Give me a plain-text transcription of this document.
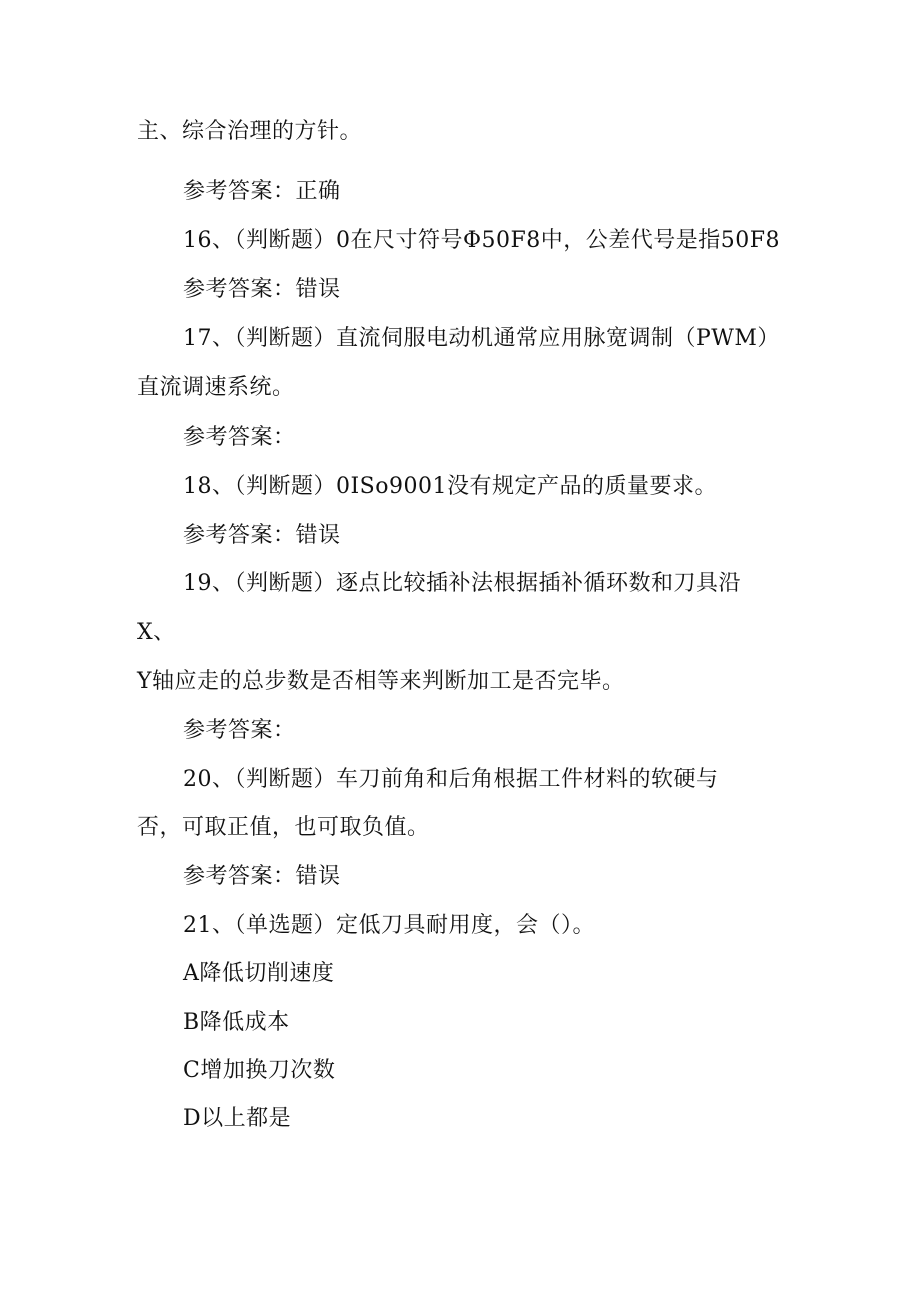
主、综合治理的方针。
参考答案：正确
16、（判断题）0在尺寸符号Φ50F8中，公差代号是指50F8
参考答案：错误
17、（判断题）直流伺服电动机通常应用脉宽调制（PWM）
直流调速系统。
参考答案：
18、（判断题）0ISo9001没有规定产品的质量要求。
参考答案：错误
19、（判断题）逐点比较插补法根据插补循环数和刀具沿
X、
Y轴应走的总步数是否相等来判断加工是否完毕。
参考答案：
20、（判断题）车刀前角和后角根据工件材料的软硬与
否，可取正值，也可取负值。
参考答案：错误
21、（单选题）定低刀具耐用度，会（）。
A降低切削速度
B降低成本
C增加换刀次数
D以上都是
